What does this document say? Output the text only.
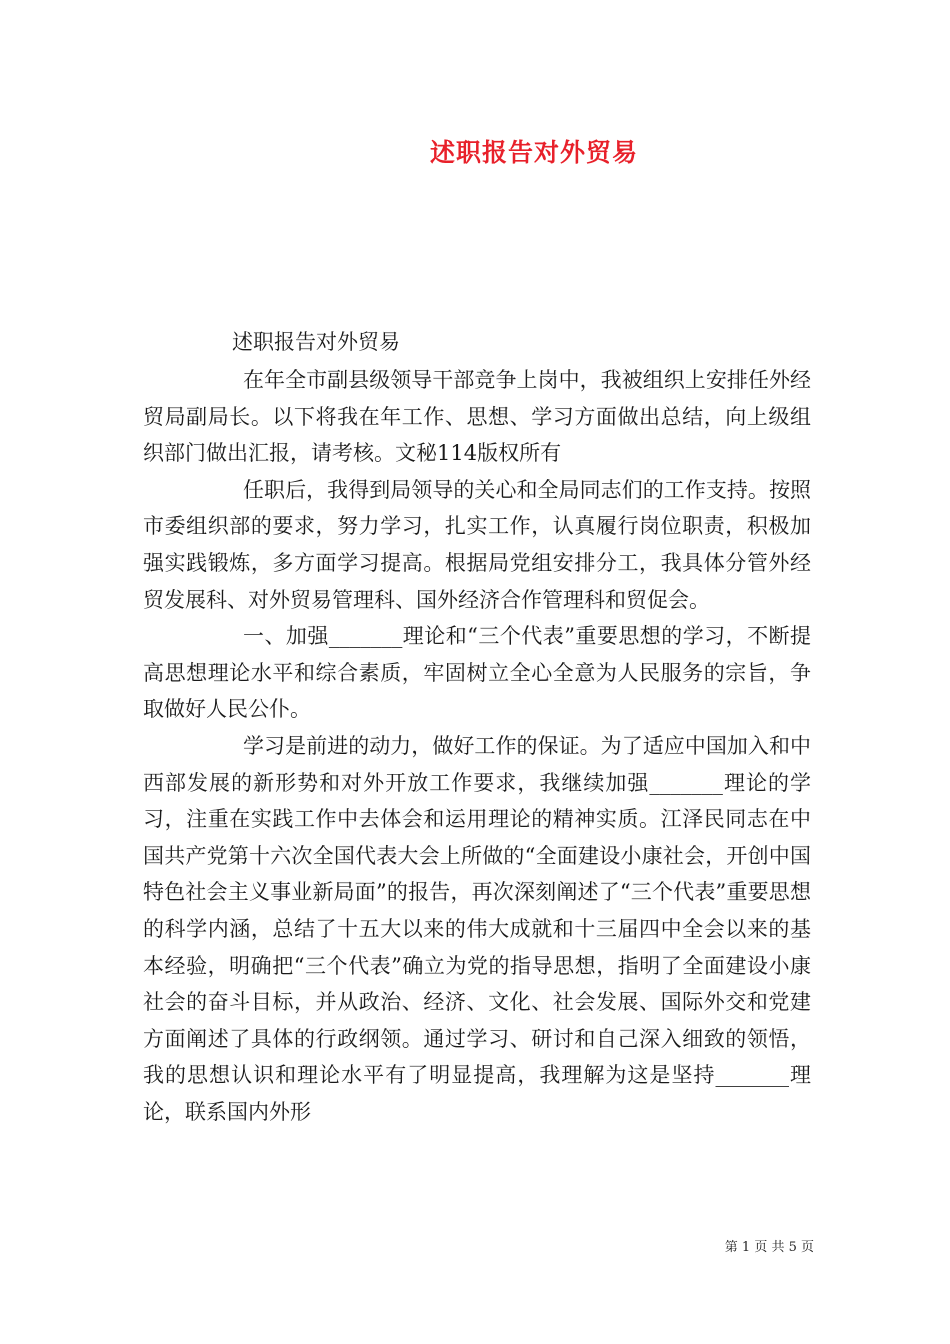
述职报告对外贸易
述职报告对外贸易

在年全市副县级领导干部竞争上岗中，我被组织上安排任外经贸局副局长。以下将我在年工作、思想、学习方面做出总结，向上级组织部门做出汇报，请考核。文秘114版权所有

任职后，我得到局领导的关心和全局同志们的工作支持。按照市委组织部的要求，努力学习，扎实工作，认真履行岗位职责，积极加强实践锻炼，多方面学习提高。根据局党组安排分工，我具体分管外经贸发展科、对外贸易管理科、国外经济合作管理科和贸促会。

一、加强_______理论和“三个代表”重要思想的学习，不断提高思想理论水平和综合素质，牢固树立全心全意为人民服务的宗旨，争取做好人民公仆。

学习是前进的动力，做好工作的保证。为了适应中国加入和中西部发展的新形势和对外开放工作要求，我继续加强_______理论的学习，注重在实践工作中去体会和运用理论的精神实质。江泽民同志在中国共产党第十六次全国代表大会上所做的“全面建设小康社会，开创中国特色社会主义事业新局面”的报告，再次深刻阐述了“三个代表”重要思想的科学内涵，总结了十五大以来的伟大成就和十三届四中全会以来的基本经验，明确把“三个代表”确立为党的指导思想，指明了全面建设小康社会的奋斗目标，并从政治、经济、文化、社会发展、国际外交和党建方面阐述了具体的行政纲领。通过学习、研讨和自己深入细致的领悟，我的思想认识和理论水平有了明显提高，我理解为这是坚持_______理论，联系国内外形

第 1 页 共 5 页
